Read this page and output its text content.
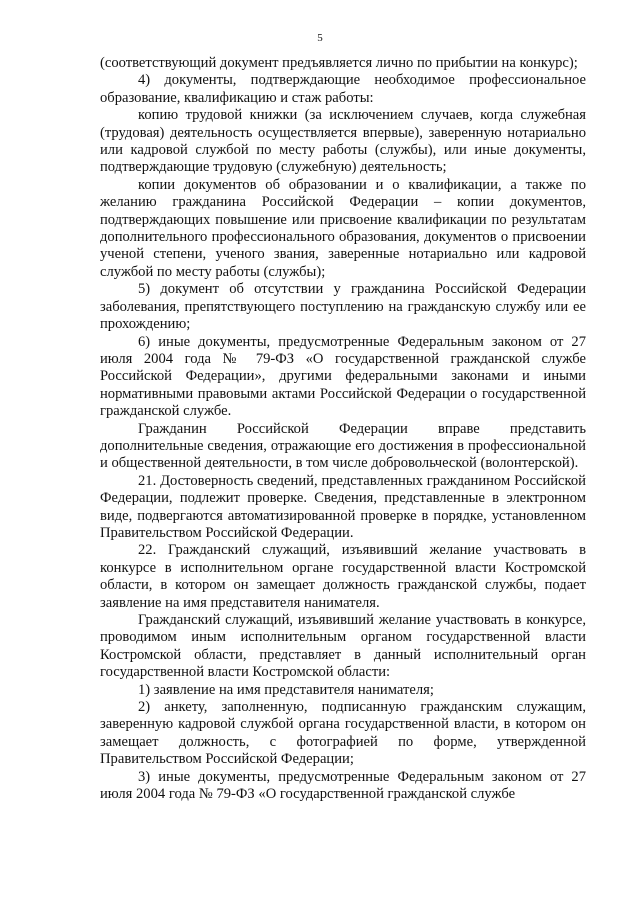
5

(соответствующий документ предъявляется лично по прибытии на конкурс);

4) документы, подтверждающие необходимое профессиональное образование, квалификацию и стаж работы:

копию трудовой книжки (за исключением случаев, когда служебная (трудовая) деятельность осуществляется впервые), заверенную нотариально или кадровой службой по месту работы (службы), или иные документы, подтверждающие трудовую (служебную) деятельность;

копии документов об образовании и о квалификации, а также по желанию гражданина Российской Федерации – копии документов, подтверждающих повышение или присвоение квалификации по результатам дополнительного профессионального образования, документов о присвоении ученой степени, ученого звания, заверенные нотариально или кадровой службой по месту работы (службы);

5) документ об отсутствии у гражданина Российской Федерации заболевания, препятствующего поступлению на гражданскую службу или ее прохождению;

6) иные документы, предусмотренные Федеральным законом от 27 июля 2004 года № 79-ФЗ «О государственной гражданской службе Российской Федерации», другими федеральными законами и иными нормативными правовыми актами Российской Федерации о государственной гражданской службе.

Гражданин Российской Федерации вправе представить дополнительные сведения, отражающие его достижения в профессиональной и общественной деятельности, в том числе добровольческой (волонтерской).

21. Достоверность сведений, представленных гражданином Российской Федерации, подлежит проверке. Сведения, представленные в электронном виде, подвергаются автоматизированной проверке в порядке, установленном Правительством Российской Федерации.

22. Гражданский служащий, изъявивший желание участвовать в конкурсе в исполнительном органе государственной власти Костромской области, в котором он замещает должность гражданской службы, подает заявление на имя представителя нанимателя.

Гражданский служащий, изъявивший желание участвовать в конкурсе, проводимом иным исполнительным органом государственной власти Костромской области, представляет в данный исполнительный орган государственной власти Костромской области:

1) заявление на имя представителя нанимателя;

2) анкету, заполненную, подписанную гражданским служащим, заверенную кадровой службой органа государственной власти, в котором он замещает должность, с фотографией по форме, утвержденной Правительством Российской Федерации;

3) иные документы, предусмотренные Федеральным законом от 27 июля 2004 года № 79-ФЗ «О государственной гражданской службе
